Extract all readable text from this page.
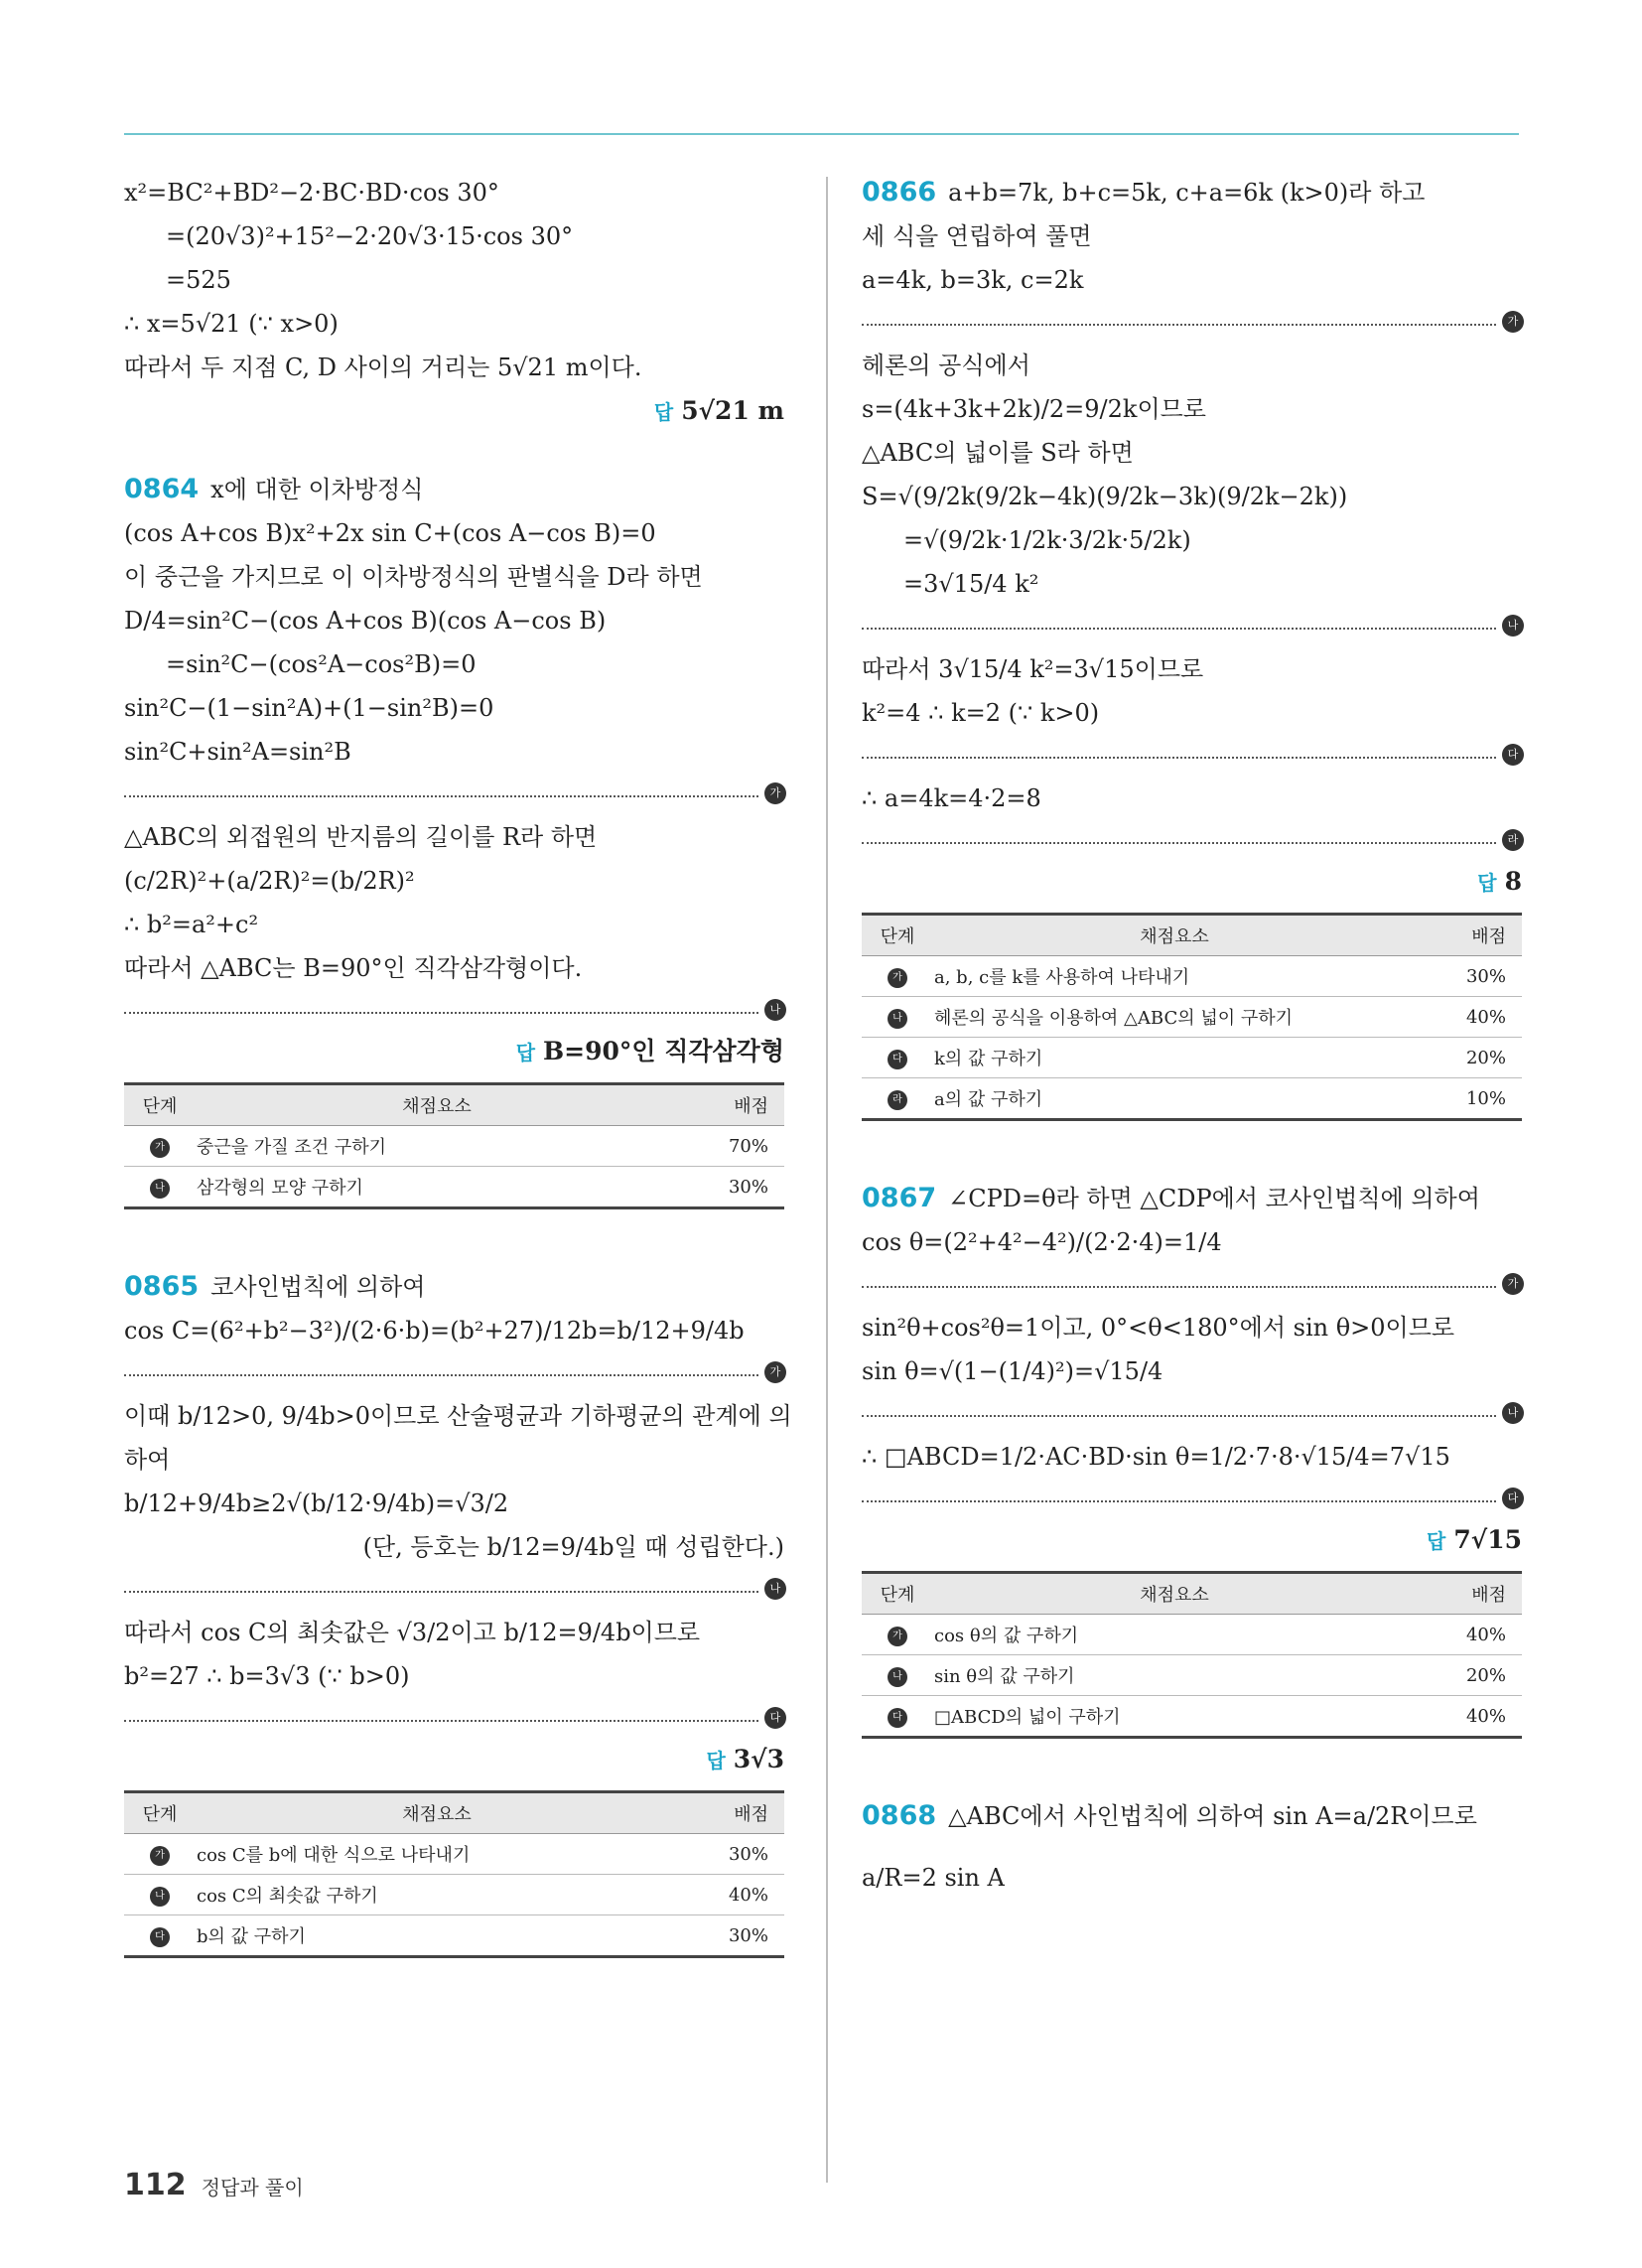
x²=BC²+BD²−2·BC·BD·cos 30°
=(20√3)²+15²−2·20√3·15·cos 30°
=525
∴ x=5√21 (∵ x>0)
따라서 두 지점 C, D 사이의 거리는 5√21 m이다.
답 5√21 m
0864 x에 대한 이차방정식
(cos A+cos B)x²+2x sin C+(cos A−cos B)=0
이 중근을 가지므로 이 이차방정식의 판별식을 D라 하면
D/4=sin²C−(cos A+cos B)(cos A−cos B)
=sin²C−(cos²A−cos²B)=0
sin²C−(1−sin²A)+(1−sin²B)=0
sin²C+sin²A=sin²B
가
△ABC의 외접원의 반지름의 길이를 R라 하면
(c/2R)²+(a/2R)²=(b/2R)²
∴ b²=a²+c²
따라서 △ABC는 B=90°인 직각삼각형이다.
나
답 B=90°인 직각삼각형
단계	채점요소	배점
가	중근을 가질 조건 구하기	70%
나	삼각형의 모양 구하기	30%
0865 코사인법칙에 의하여
cos C=(6²+b²−3²)/(2·6·b)=(b²+27)/12b=b/12+9/4b
가
이때 b/12>0, 9/4b>0이므로 산술평균과 기하평균의 관계에 의
하여
b/12+9/4b≥2√(b/12·9/4b)=√3/2
(단, 등호는 b/12=9/4b일 때 성립한다.)
나
따라서 cos C의 최솟값은 √3/2이고 b/12=9/4b이므로
b²=27 ∴ b=3√3 (∵ b>0)
다
답 3√3
단계	채점요소	배점
가	cos C를 b에 대한 식으로 나타내기	30%
나	cos C의 최솟값 구하기	40%
다	b의 값 구하기	30%
0866 a+b=7k, b+c=5k, c+a=6k (k>0)라 하고
세 식을 연립하여 풀면
a=4k, b=3k, c=2k
가
헤론의 공식에서
s=(4k+3k+2k)/2=9/2k이므로
△ABC의 넓이를 S라 하면
S=√(9/2k(9/2k−4k)(9/2k−3k)(9/2k−2k))
=√(9/2k·1/2k·3/2k·5/2k)
=3√15/4 k²
나
따라서 3√15/4 k²=3√15이므로
k²=4 ∴ k=2 (∵ k>0)
다
∴ a=4k=4·2=8
라
답 8
단계	채점요소	배점
가	a, b, c를 k를 사용하여 나타내기	30%
나	헤론의 공식을 이용하여 △ABC의 넓이 구하기	40%
다	k의 값 구하기	20%
라	a의 값 구하기	10%
0867 ∠CPD=θ라 하면 △CDP에서 코사인법칙에 의하여
cos θ=(2²+4²−4²)/(2·2·4)=1/4
가
sin²θ+cos²θ=1이고, 0°<θ<180°에서 sin θ>0이므로
sin θ=√(1−(1/4)²)=√15/4
나
∴ □ABCD=1/2·AC·BD·sin θ=1/2·7·8·√15/4=7√15
다
답 7√15
단계	채점요소	배점
가	cos θ의 값 구하기	40%
나	sin θ의 값 구하기	20%
다	□ABCD의 넓이 구하기	40%
0868 △ABC에서 사인법칙에 의하여 sin A=a/2R이므로
a/R=2 sin A
112 정답과 풀이
